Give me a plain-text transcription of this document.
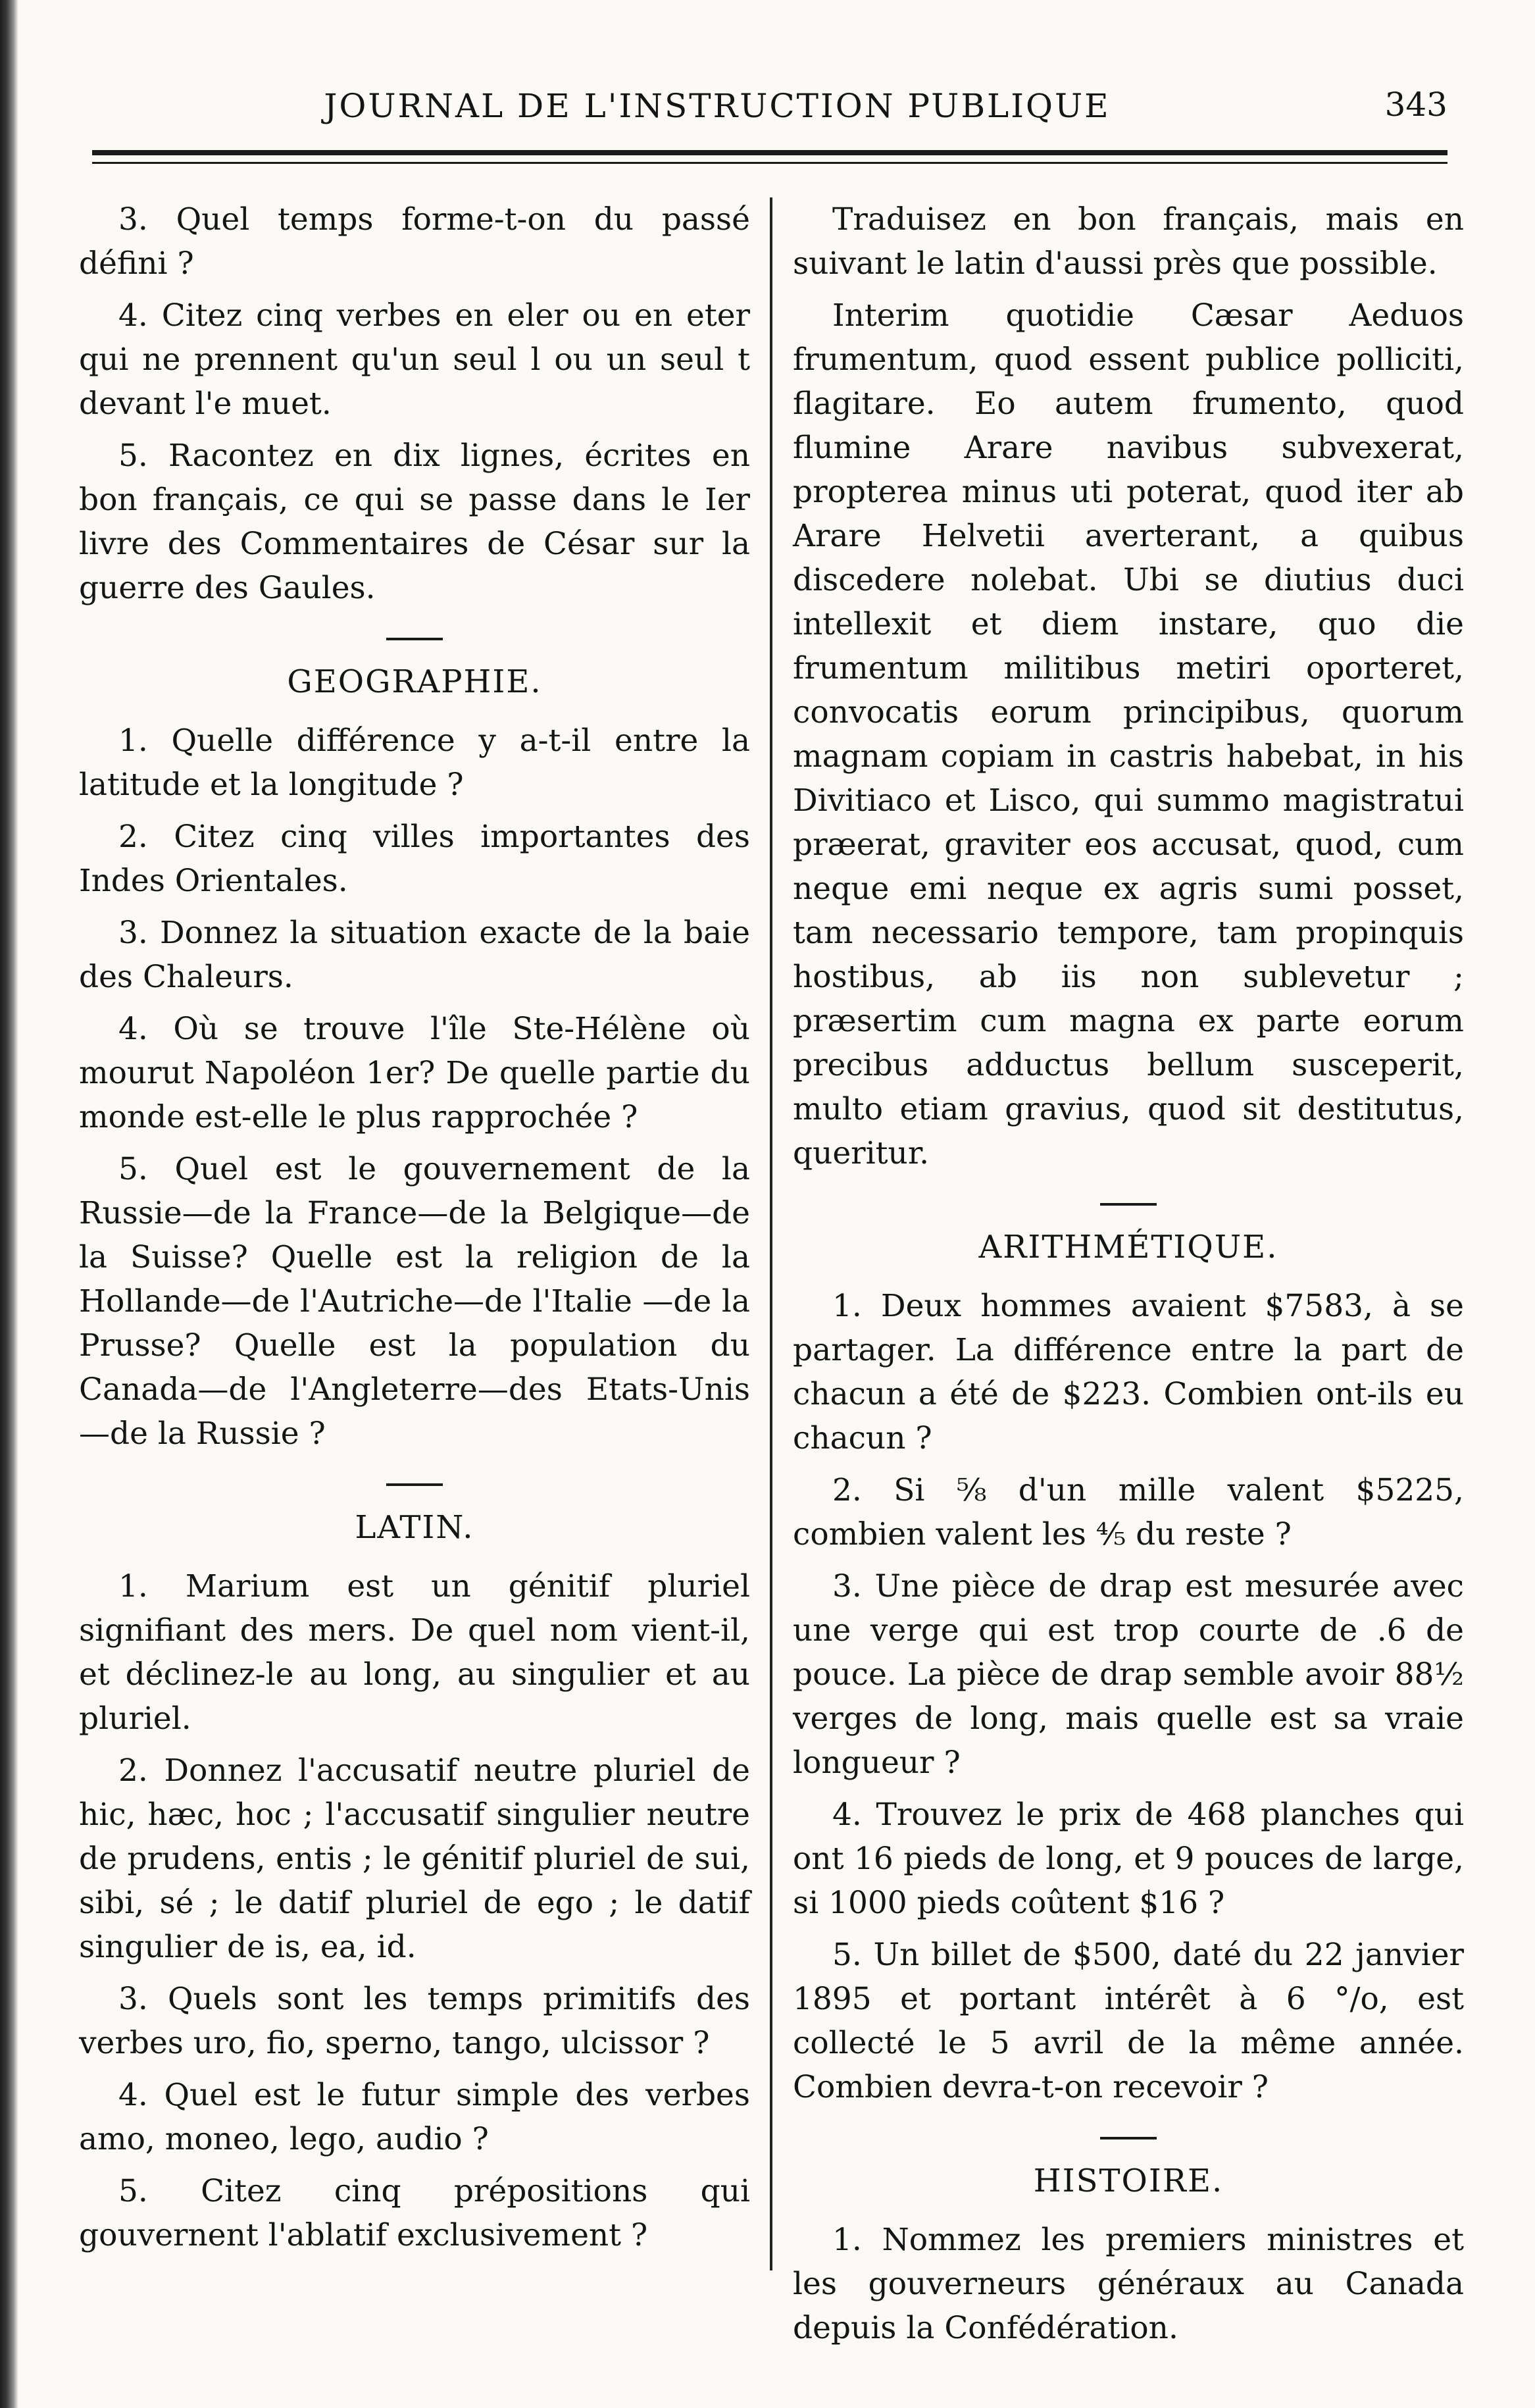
JOURNAL DE L'INSTRUCTION PUBLIQUE	343

3. Quel temps forme-t-on du passé défini ?

4. Citez cinq verbes en eler ou en eter qui ne prennent qu'un seul l ou un seul t devant l'e muet.

5. Racontez en dix lignes, écrites en bon français, ce qui se passe dans le Ier livre des Commentaires de César sur la guerre des Gaules.

GEOGRAPHIE.

1. Quelle différence y a-t-il entre la latitude et la longitude ?

2. Citez cinq villes importantes des Indes Orientales.

3. Donnez la situation exacte de la baie des Chaleurs.

4. Où se trouve l'île Ste-Hélène où mourut Napoléon 1er? De quelle partie du monde est-elle le plus rapprochée ?

5. Quel est le gouvernement de la Russie—de la France—de la Belgique—de la Suisse? Quelle est la religion de la Hollande—de l'Autriche—de l'Italie —de la Prusse? Quelle est la population du Canada—de l'Angleterre—des Etats-Unis—de la Russie ?

LATIN.

1. Marium est un génitif pluriel signifiant des mers. De quel nom vient-il, et déclinez-le au long, au singulier et au pluriel.

2. Donnez l'accusatif neutre pluriel de hic, hæc, hoc ; l'accusatif singulier neutre de prudens, entis ; le génitif pluriel de sui, sibi, sé ; le datif pluriel de ego ; le datif singulier de is, ea, id.

3. Quels sont les temps primitifs des verbes uro, fio, sperno, tango, ulcissor ?

4. Quel est le futur simple des verbes amo, moneo, lego, audio ?

5. Citez cinq prépositions qui gouvernent l'ablatif exclusivement ?

Traduisez en bon français, mais en suivant le latin d'aussi près que possible.

Interim quotidie Cæsar Aeduos frumentum, quod essent publice polliciti, flagitare. Eo autem frumento, quod flumine Arare navibus subvexerat, propterea minus uti poterat, quod iter ab Arare Helvetii averterant, a quibus discedere nolebat. Ubi se diutius duci intellexit et diem instare, quo die frumentum militibus metiri oporteret, convocatis eorum principibus, quorum magnam copiam in castris habebat, in his Divitiaco et Lisco, qui summo magistratui præerat, graviter eos accusat, quod, cum neque emi neque ex agris sumi posset, tam necessario tempore, tam propinquis hostibus, ab iis non sublevetur ; præsertim cum magna ex parte eorum precibus adductus bellum susceperit, multo etiam gravius, quod sit destitutus, queritur.

ARITHMÉTIQUE.

1. Deux hommes avaient $7583, à se partager. La différence entre la part de chacun a été de $223. Combien ont-ils eu chacun ?

2. Si ⅝ d'un mille valent $5225, combien valent les ⅘ du reste ?

3. Une pièce de drap est mesurée avec une verge qui est trop courte de .6 de pouce. La pièce de drap semble avoir 88½ verges de long, mais quelle est sa vraie longueur ?

4. Trouvez le prix de 468 planches qui ont 16 pieds de long, et 9 pouces de large, si 1000 pieds coûtent $16 ?

5. Un billet de $500, daté du 22 janvier 1895 et portant intérêt à 6 °/o, est collecté le 5 avril de la même année. Combien devra-t-on recevoir ?

HISTOIRE.

1. Nommez les premiers ministres et les gouverneurs généraux au Canada depuis la Confédération.
